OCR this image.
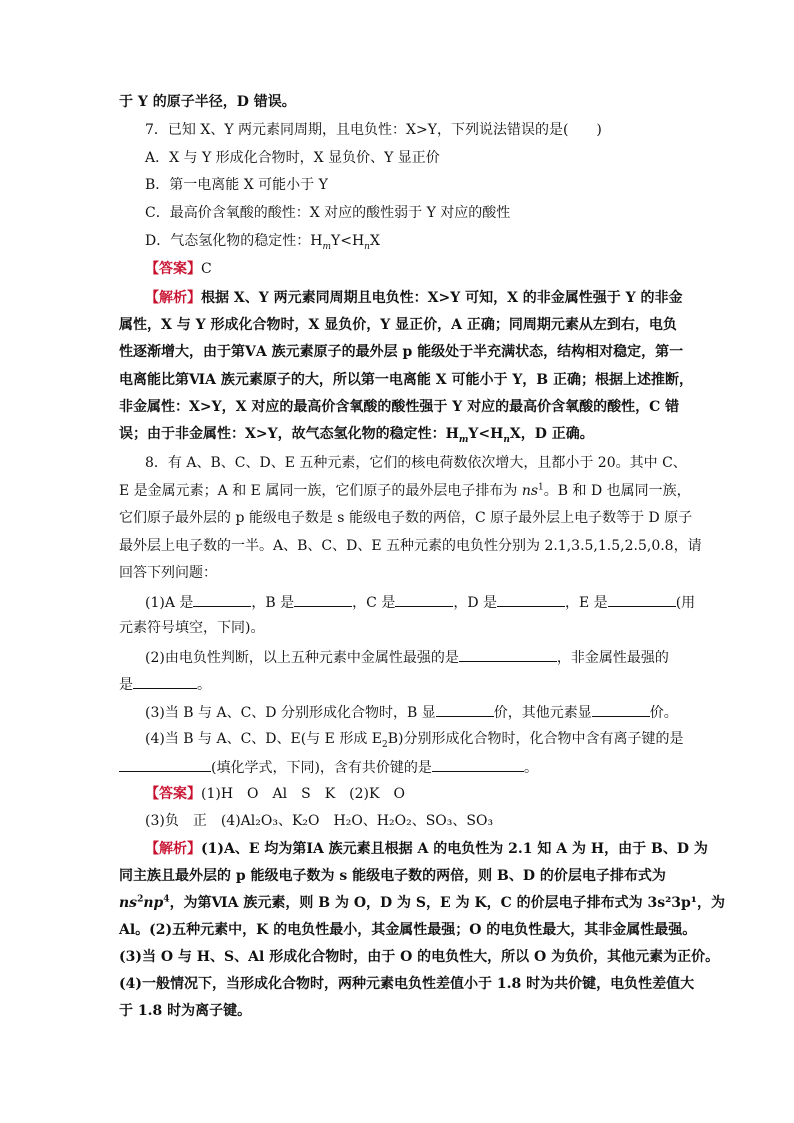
于 Y 的原子半径，D 错误。
7．已知 X、Y 两元素同周期，且电负性：X>Y，下列说法错误的是(　　)
A．X 与 Y 形成化合物时，X 显负价、Y 显正价
B．第一电离能 X 可能小于 Y
C．最高价含氧酸的酸性：X 对应的酸性弱于 Y 对应的酸性
D．气态氢化物的稳定性：$H_mY<H_nX$
【答案】C
【解析】根据 X、Y 两元素同周期且电负性：X>Y 可知，X 的非金属性强于 Y 的非金
属性，X 与 Y 形成化合物时，X 显负价，Y 显正价，A 正确；同周期元素从左到右，电负
性逐渐增大，由于第ⅤA 族元素原子的最外层 p 能级处于半充满状态，结构相对稳定，第一
电离能比第ⅥA 族元素原子的大，所以第一电离能 X 可能小于 Y，B 正确；根据上述推断，
非金属性：X>Y，X 对应的最高价含氧酸的酸性强于 Y 对应的最高价含氧酸的酸性，C 错
误；由于非金属性：X>Y，故气态氢化物的稳定性：$H_mY<H_nX$，D 正确。
8．有 A、B、C、D、E 五种元素，它们的核电荷数依次增大，且都小于 20。其中 C、
E 是金属元素；A 和 E 属同一族，它们原子的最外层电子排布为 $ns^1$。B 和 D 也属同一族，
它们原子最外层的 p 能级电子数是 s 能级电子数的两倍，C 原子最外层上电子数等于 D 原子
最外层上电子数的一半。A、B、C、D、E 五种元素的电负性分别为 2.1,3.5,1.5,2.5,0.8，请
回答下列问题：
(1)A 是	，B 是	，C 是	，D 是	，E 是	(用
元素符号填空，下同)。
(2)由电负性判断，以上五种元素中金属性最强的是	，非金属性最强的
是	。
(3)当 B 与 A、C、D 分别形成化合物时，B 显	价，其他元素显	价。
(4)当 B 与 A、C、D、E(与 E 形成 $E_2B$)分别形成化合物时，化合物中含有离子键的是
(填化学式，下同)，含有共价键的是	。
【答案】(1)H　O　Al　S　K　(2)K　O
(3)负　正　(4)Al₂O₃、K₂O　H₂O、H₂O₂、SO₃、SO₃
【解析】(1)A、E 均为第ⅠA 族元素且根据 A 的电负性为 2.1 知 A 为 H，由于 B、D 为
同主族且最外层的 p 能级电子数为 s 能级电子数的两倍，则 B、D 的价层电子排布式为
$ns^2np^4$，为第ⅥA 族元素，则 B 为 O，D 为 S，E 为 K，C 的价层电子排布式为 3s²3p¹，为
Al。(2)五种元素中，K 的电负性最小，其金属性最强；O 的电负性最大，其非金属性最强。
(3)当 O 与 H、S、Al 形成化合物时，由于 O 的电负性大，所以 O 为负价，其他元素为正价。
(4)一般情况下，当形成化合物时，两种元素电负性差值小于 1.8 时为共价键，电负性差值大
于 1.8 时为离子键。
